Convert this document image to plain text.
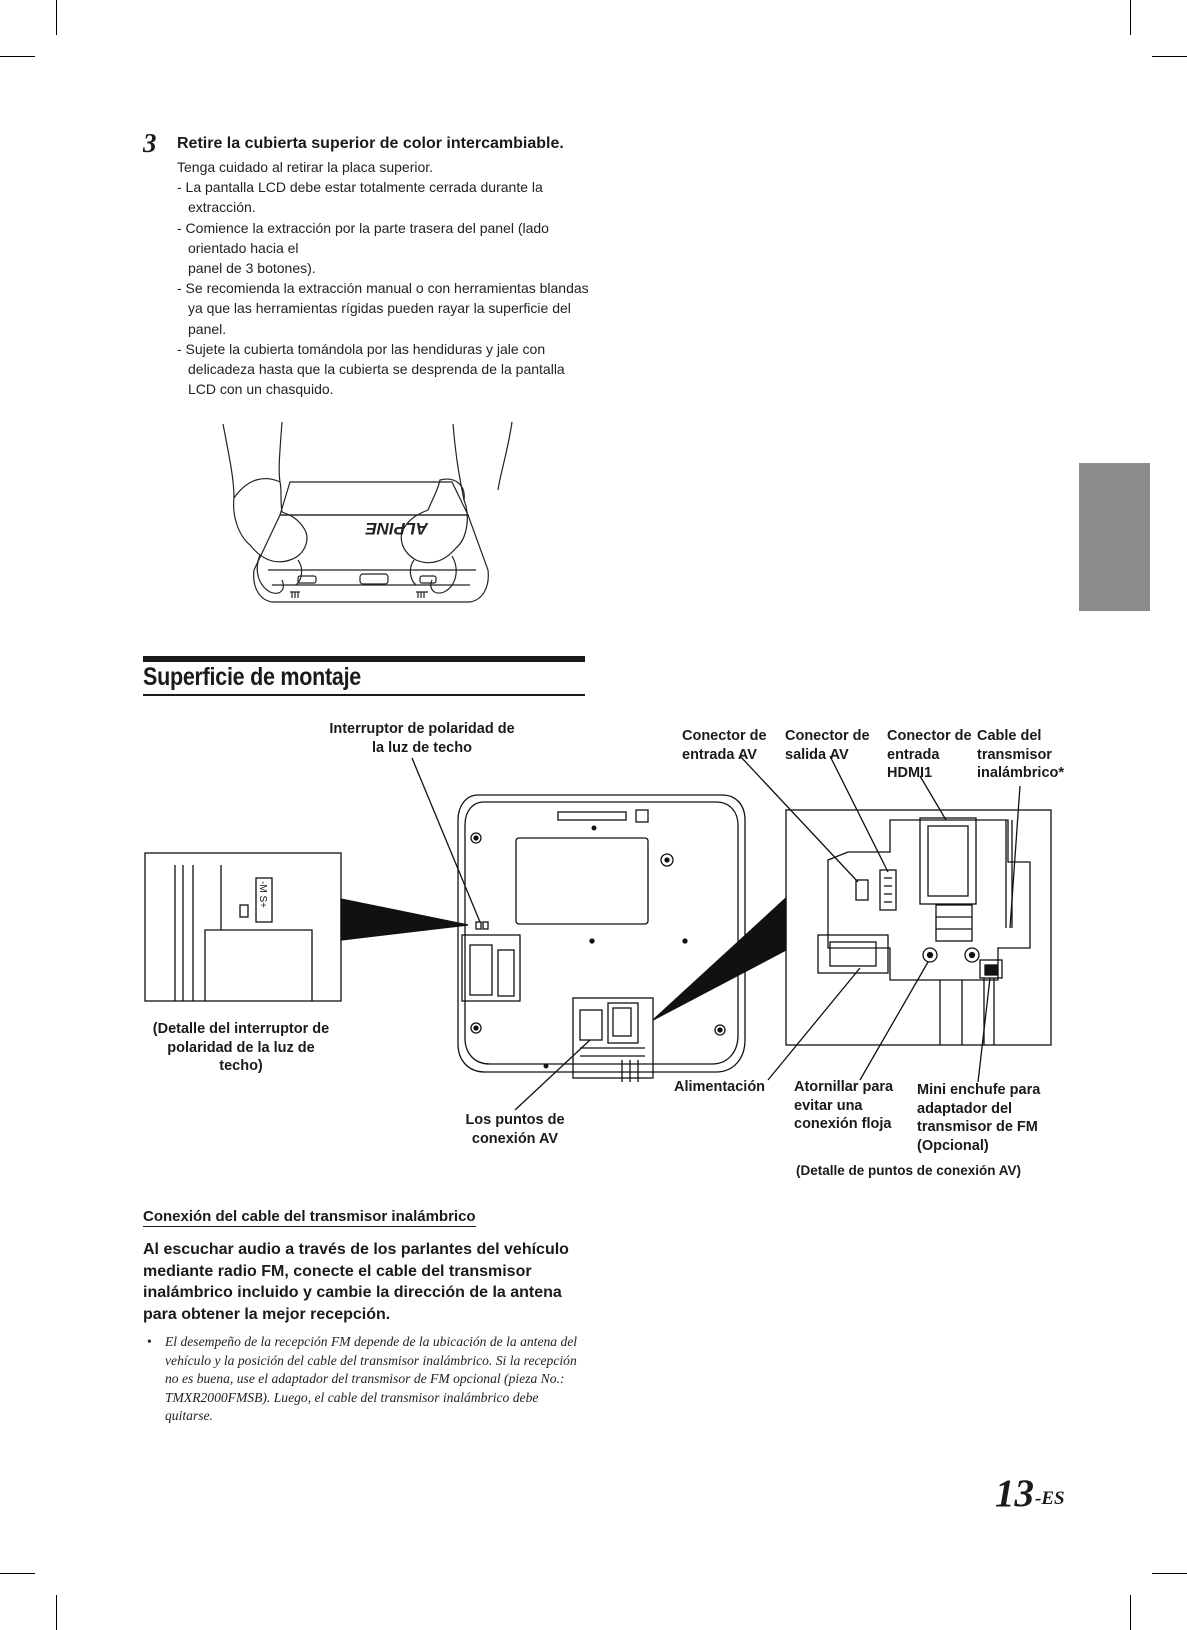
3 Retire la cubierta superior de color intercambiable.

Tenga cuidado al retirar la placa superior.

- La pantalla LCD debe estar totalmente cerrada durante la extracción.

- Comience la extracción por la parte trasera del panel (lado orientado hacia el

panel de 3 botones).

- Se recomienda la extracción manual o con herramientas blandas ya que las herramientas rígidas pueden rayar la superficie del panel.

- Sujete la cubierta tomándola por las hendiduras y jale con delicadeza hasta que la cubierta se desprenda de la pantalla LCD con un chasquido.

ALPINE
Superficie de montaje
Interruptor de polaridad de la luz de techo
(Detalle del interruptor de polaridad de la luz de techo)
Los puntos de conexión AV
Conector de entrada AV
Conector de salida AV
Conector de entrada HDMI1
Cable del transmisor inalámbrico*
Alimentación Atornillar para evitar una conexión floja
Mini enchufe para adaptador del transmisor de FM (Opcional)
(Detalle de puntos de conexión AV)
-M S+
Conexión del cable del transmisor inalámbrico
Al escuchar audio a través de los parlantes del vehículo mediante radio FM, conecte el cable del transmisor inalámbrico incluido y cambie la dirección de la antena para obtener la mejor recepción.
• El desempeño de la recepción FM depende de la ubicación de la antena del vehículo y la posición del cable del transmisor inalámbrico. Si la recepción no es buena, use el adaptador del transmisor de FM opcional (pieza No.: TMXR2000FMSB). Luego, el cable del transmisor inalámbrico debe quitarse.
13 -ES
